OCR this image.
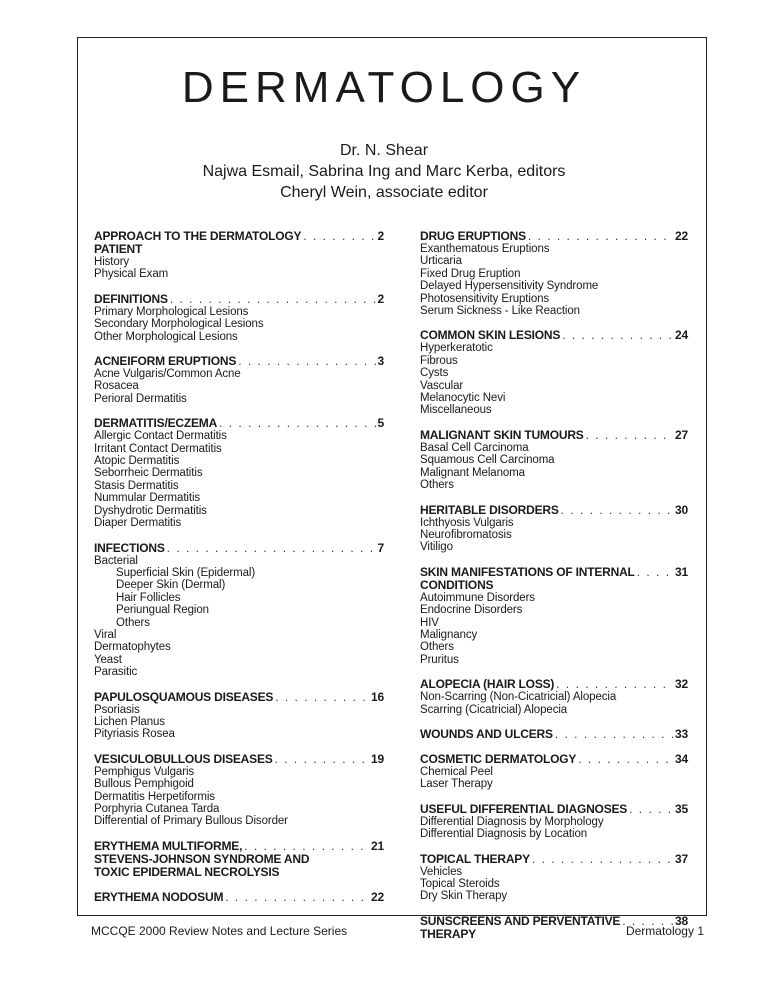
DERMATOLOGY
Dr. N. Shear
Najwa Esmail, Sabrina Ing and Marc Kerba, editors
Cheryl Wein, associate editor
APPROACH TO THE DERMATOLOGY . . .	2
PATIENT
History
Physical Exam
DEFINITIONS . . .	2
Primary Morphological Lesions
Secondary Morphological Lesions
Other Morphological Lesions
ACNEIFORM ERUPTIONS . . .	3
Acne Vulgaris/Common Acne
Rosacea
Perioral Dermatitis
DERMATITIS/ECZEMA . . .	5
Allergic Contact Dermatitis
Irritant Contact Dermatitis
Atopic Dermatitis
Seborrheic Dermatitis
Stasis Dermatitis
Nummular Dermatitis
Dyshydrotic Dermatitis
Diaper Dermatitis
INFECTIONS . . .	7
Bacterial
Superficial Skin (Epidermal)
Deeper Skin (Dermal)
Hair Follicles
Periungual Region
Others
Viral
Dermatophytes
Yeast
Parasitic
PAPULOSQUAMOUS DISEASES . . .	16
Psoriasis
Lichen Planus
Pityriasis Rosea
VESICULOBULLOUS DISEASES . . .	19
Pemphigus Vulgaris
Bullous Pemphigoid
Dermatitis Herpetiformis
Porphyria Cutanea Tarda
Differential of Primary Bullous Disorder
ERYTHEMA MULTIFORME, . . .	21
STEVENS-JOHNSON SYNDROME AND
TOXIC EPIDERMAL NECROLYSIS
ERYTHEMA NODOSUM . . .	22
DRUG ERUPTIONS . . .	22
Exanthematous Eruptions
Urticaria
Fixed Drug Eruption
Delayed Hypersensitivity Syndrome
Photosensitivity Eruptions
Serum Sickness - Like Reaction
COMMON SKIN LESIONS . . .	24
Hyperkeratotic
Fibrous
Cysts
Vascular
Melanocytic Nevi
Miscellaneous
MALIGNANT SKIN TUMOURS . . .	27
Basal Cell Carcinoma
Squamous Cell Carcinoma
Malignant Melanoma
Others
HERITABLE DISORDERS . . .	30
Ichthyosis Vulgaris
Neurofibromatosis
Vitiligo
SKIN MANIFESTATIONS OF INTERNAL . . .	31
CONDITIONS
Autoimmune Disorders
Endocrine Disorders
HIV
Malignancy
Others
Pruritus
ALOPECIA (HAIR LOSS) . . .	32
Non-Scarring (Non-Cicatricial) Alopecia
Scarring (Cicatricial) Alopecia
WOUNDS AND ULCERS . . .	33
COSMETIC DERMATOLOGY . . .	34
Chemical Peel
Laser Therapy
USEFUL DIFFERENTIAL DIAGNOSES . . .	35
Differential Diagnosis by Morphology
Differential Diagnosis by Location
TOPICAL THERAPY . . .	37
Vehicles
Topical Steroids
Dry Skin Therapy
SUNSCREENS AND PERVENTATIVE . . .	38
THERAPY
MCCQE 2000 Review Notes and Lecture Series	Dermatology 1
